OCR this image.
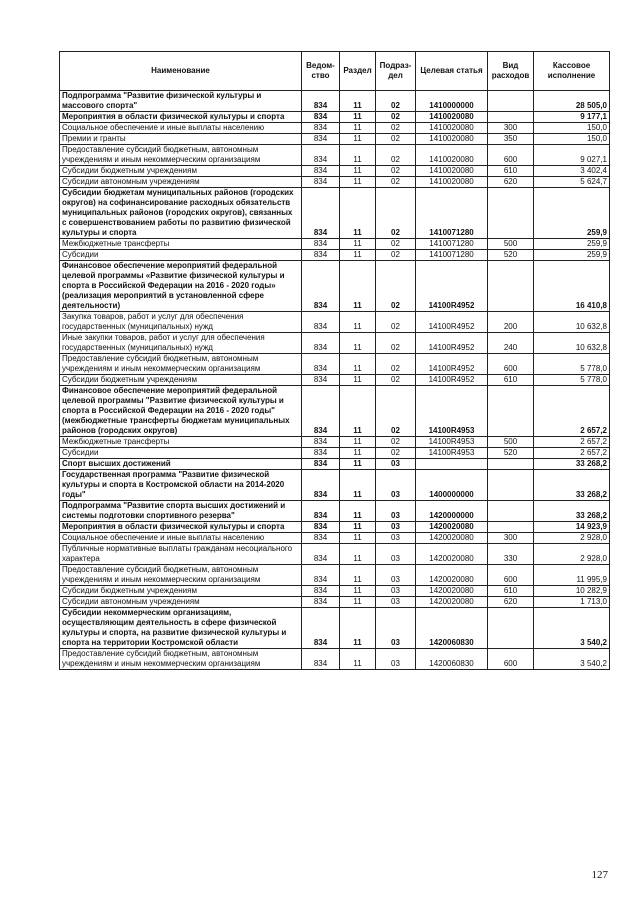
Наименование	Ведом-ство	Раздел	Подраз-дел	Целевая статья	Вид расходов	Кассовое исполнение
Подпрограмма "Развитие физической культуры и массового спорта"	834	11	02	1410000000		28 505,0
Мероприятия в области физической культуры и спорта	834	11	02	1410020080		9 177,1
Социальное обеспечение и иные выплаты населению	834	11	02	1410020080	300	150,0
Премии и гранты	834	11	02	1410020080	350	150,0
Предоставление субсидий бюджетным, автономным учреждениям и иным некоммерческим организациям	834	11	02	1410020080	600	9 027,1
Субсидии бюджетным учреждениям	834	11	02	1410020080	610	3 402,4
Субсидии автономным учреждениям	834	11	02	1410020080	620	5 624,7
Субсидии бюджетам муниципальных районов (городских округов) на софинансирование расходных обязательств муниципальных районов (городских округов), связанных с совершенствованием работы по развитию физической культуры и спорта	834	11	02	1410071280		259,9
Межбюджетные трансферты	834	11	02	1410071280	500	259,9
Субсидии	834	11	02	1410071280	520	259,9
Финансовое обеспечение мероприятий федеральной целевой программы «Развитие физической культуры и спорта в Российской Федерации на 2016 - 2020 годы» (реализация мероприятий в установленной сфере деятельности)	834	11	02	14100R4952		16 410,8
Закупка товаров, работ и услуг для обеспечения государственных (муниципальных) нужд	834	11	02	14100R4952	200	10 632,8
Иные закупки товаров, работ и услуг для обеспечения государственных (муниципальных) нужд	834	11	02	14100R4952	240	10 632,8
Предоставление субсидий бюджетным, автономным учреждениям и иным некоммерческим организациям	834	11	02	14100R4952	600	5 778,0
Субсидии бюджетным учреждениям	834	11	02	14100R4952	610	5 778,0
Финансовое обеспечение мероприятий федеральной целевой программы "Развитие физической культуры и спорта в Российской Федерации на 2016 - 2020 годы" (межбюджетные трансферты бюджетам муниципальных районов (городских округов)	834	11	02	14100R4953		2 657,2
Межбюджетные трансферты	834	11	02	14100R4953	500	2 657,2
Субсидии	834	11	02	14100R4953	520	2 657,2
Спорт высших достижений	834	11	03			33 268,2
Государственная программа "Развитие физической культуры и спорта в Костромской области на 2014-2020 годы"	834	11	03	1400000000		33 268,2
Подпрограмма "Развитие спорта высших достижений и системы подготовки спортивного резерва"	834	11	03	1420000000		33 268,2
Мероприятия в области физической культуры и спорта	834	11	03	1420020080		14 923,9
Социальное обеспечение и иные выплаты населению	834	11	03	1420020080	300	2 928,0
Публичные нормативные выплаты гражданам несоциального характера	834	11	03	1420020080	330	2 928,0
Предоставление субсидий бюджетным, автономным учреждениям и иным некоммерческим организациям	834	11	03	1420020080	600	11 995,9
Субсидии бюджетным учреждениям	834	11	03	1420020080	610	10 282,9
Субсидии автономным учреждениям	834	11	03	1420020080	620	1 713,0
Субсидии некоммерческим организациям, осуществляющим деятельность в сфере физической культуры и спорта, на развитие физической культуры и спорта на территории Костромской области	834	11	03	1420060830		3 540,2
Предоставление субсидий бюджетным, автономным учреждениям и иным некоммерческим организациям	834	11	03	1420060830	600	3 540,2
127
